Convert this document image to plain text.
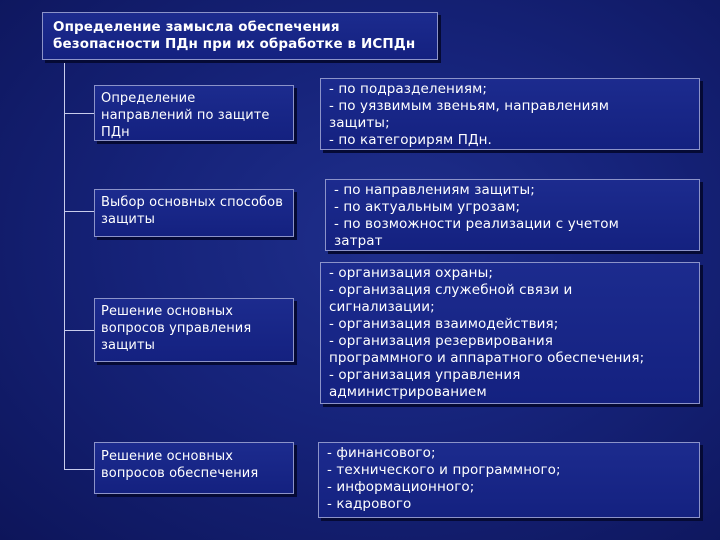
Определение замысла обеспечения безопасности ПДн при их обработке в ИСПДн
Определение направлений по защите ПДн
- по подразделениям;
- по уязвимым звеньям, направлениям
защиты;
- по категорирям ПДн.
Выбор основных способов защиты
- по направлениям защиты;
- по актуальным угрозам;
- по возможности реализации с учетом
затрат
Решение основных вопросов управления защиты
- организация охраны;
- организация служебной связи и
сигнализации;
- организация взаимодействия;
- организация резервирования
программного и аппаратного обеспечения;
- организация управления
администрированием
Решение основных вопросов обеспечения
- финансового;
- технического и программного;
- информационного;
- кадрового
